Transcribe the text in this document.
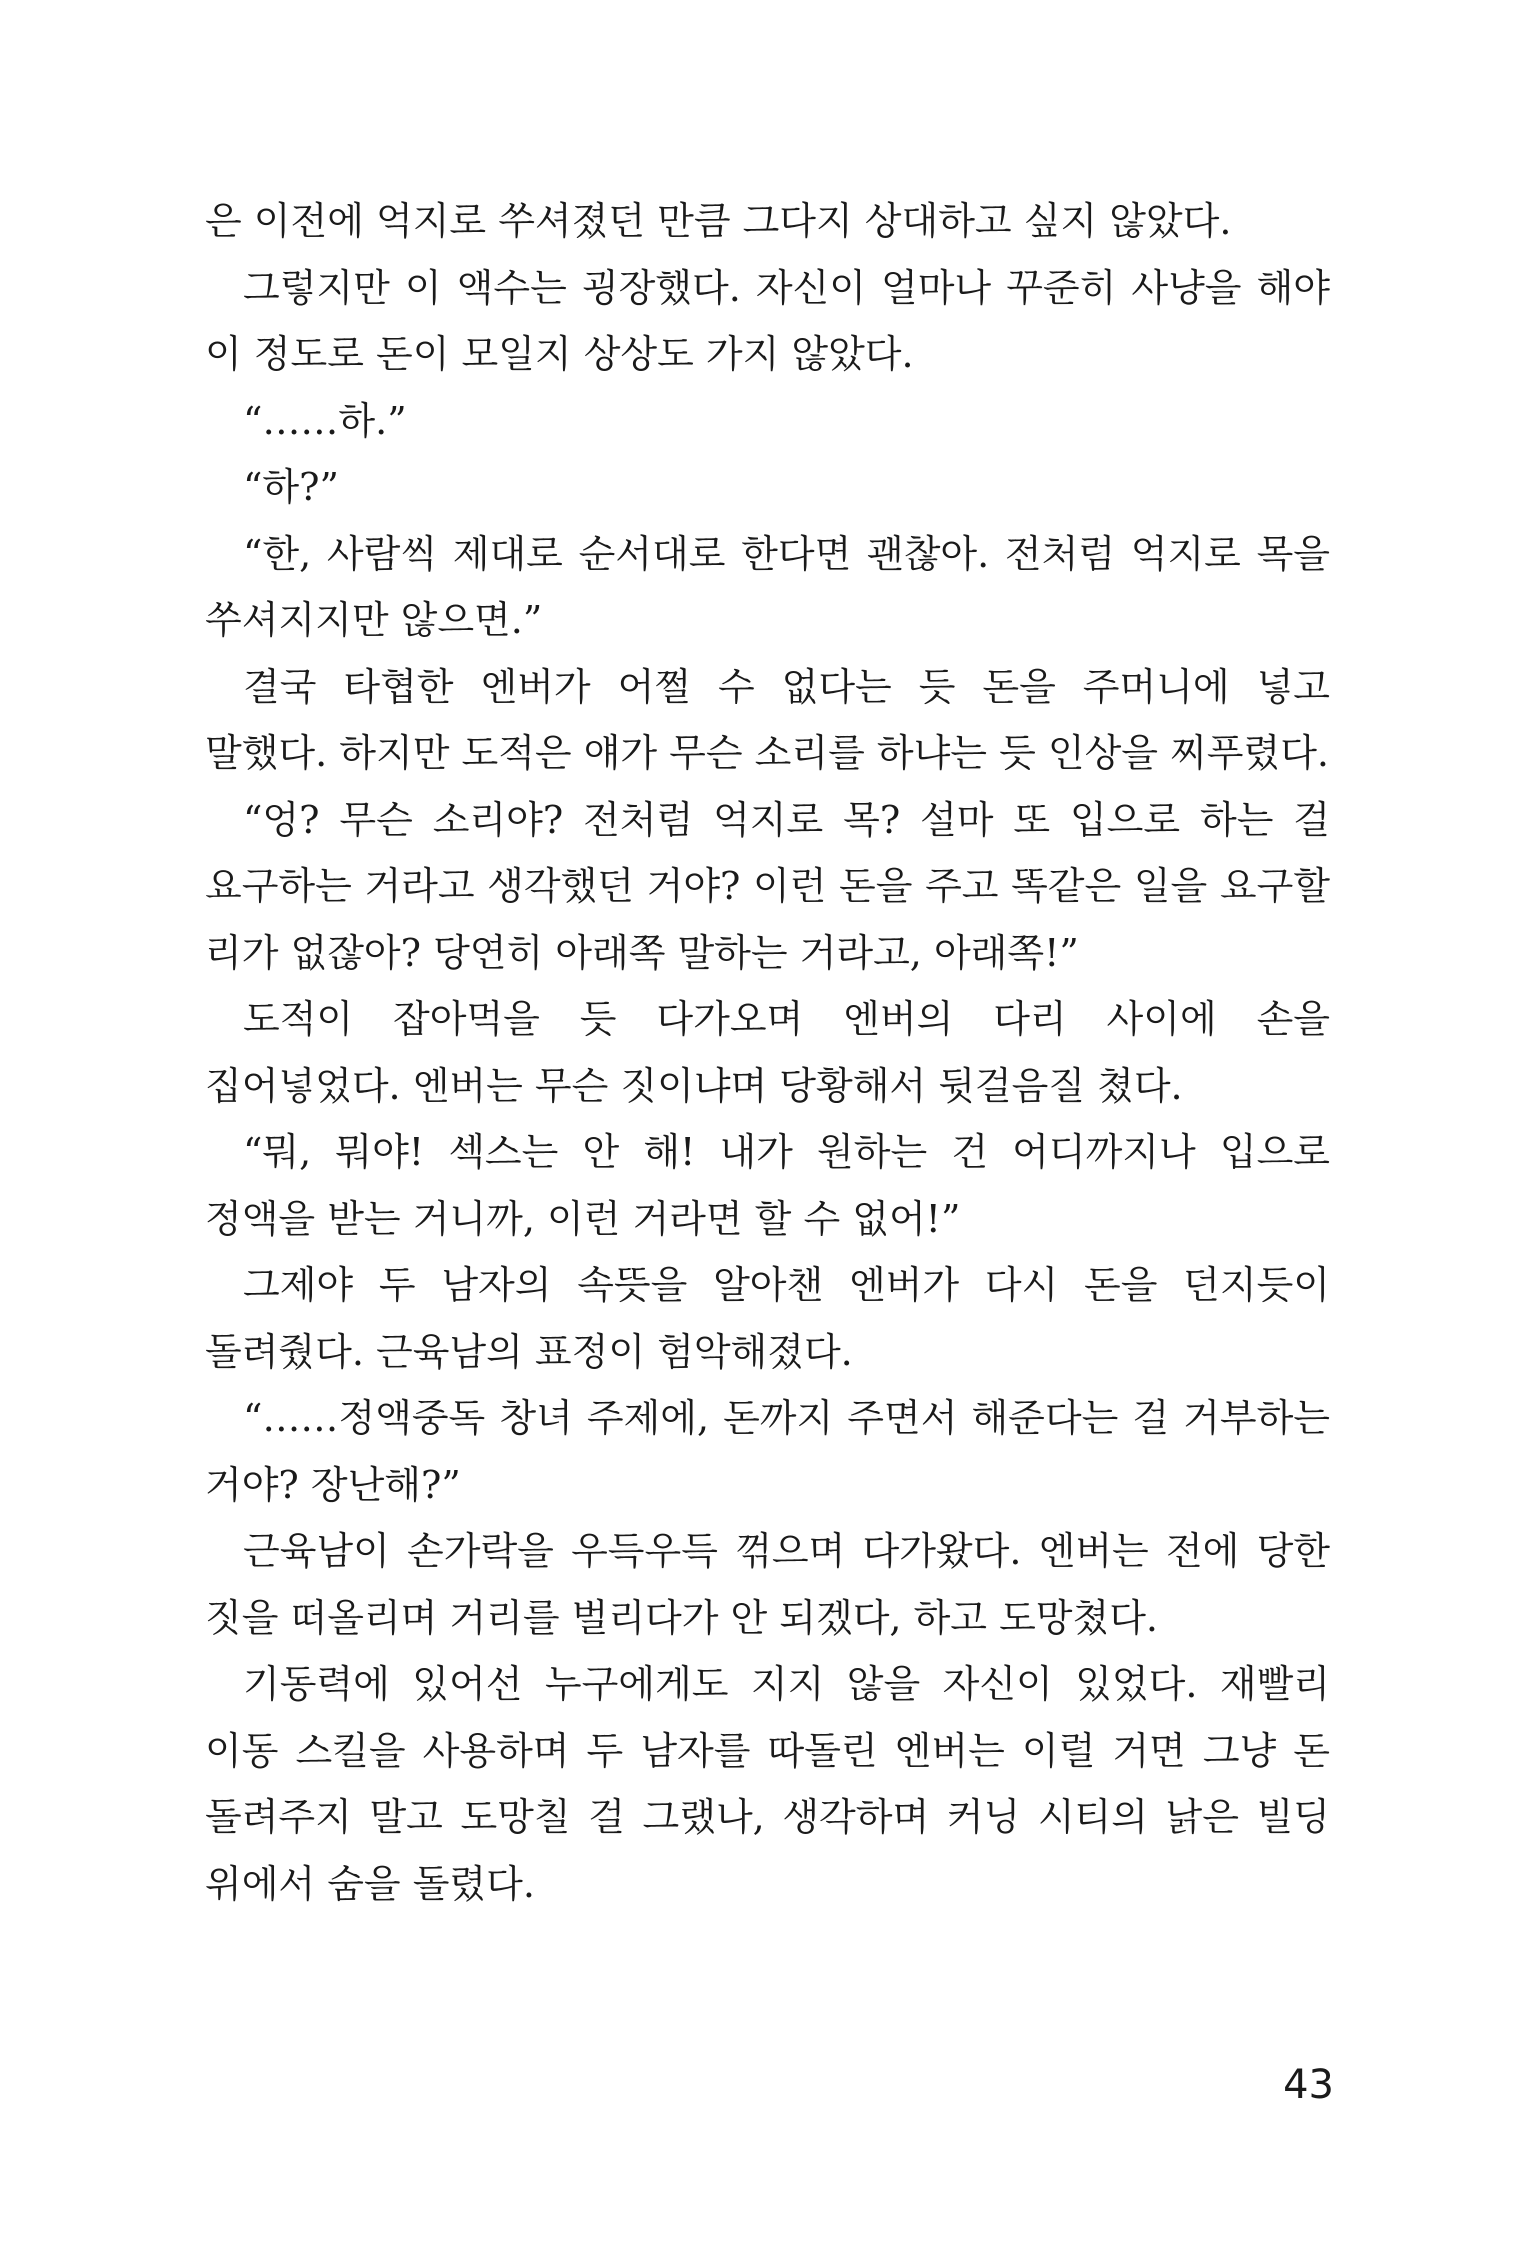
은 이전에 억지로 쑤셔졌던 만큼 그다지 상대하고 싶지 않았다.

그렇지만 이 액수는 굉장했다. 자신이 얼마나 꾸준히 사냥을 해야 이 정도로 돈이 모일지 상상도 가지 않았다.

“……하.”

“하?”

“한, 사람씩 제대로 순서대로 한다면 괜찮아. 전처럼 억지로 목을 쑤셔지지만 않으면.”

결국 타협한 엔버가 어쩔 수 없다는 듯 돈을 주머니에 넣고 말했다. 하지만 도적은 얘가 무슨 소리를 하냐는 듯 인상을 찌푸렸다.

“엉? 무슨 소리야? 전처럼 억지로 목? 설마 또 입으로 하는 걸 요구하는 거라고 생각했던 거야? 이런 돈을 주고 똑같은 일을 요구할 리가 없잖아? 당연히 아래쪽 말하는 거라고, 아래쪽!”

도적이 잡아먹을 듯 다가오며 엔버의 다리 사이에 손을 집어넣었다. 엔버는 무슨 짓이냐며 당황해서 뒷걸음질 쳤다.

“뭐, 뭐야! 섹스는 안 해! 내가 원하는 건 어디까지나 입으로 정액을 받는 거니까, 이런 거라면 할 수 없어!”

그제야 두 남자의 속뜻을 알아챈 엔버가 다시 돈을 던지듯이 돌려줬다. 근육남의 표정이 험악해졌다.

“……정액중독 창녀 주제에, 돈까지 주면서 해준다는 걸 거부하는 거야? 장난해?”

근육남이 손가락을 우득우득 꺾으며 다가왔다. 엔버는 전에 당한 짓을 떠올리며 거리를 벌리다가 안 되겠다, 하고 도망쳤다.

기동력에 있어선 누구에게도 지지 않을 자신이 있었다. 재빨리 이동 스킬을 사용하며 두 남자를 따돌린 엔버는 이럴 거면 그냥 돈 돌려주지 말고 도망칠 걸 그랬나, 생각하며 커닝 시티의 낡은 빌딩 위에서 숨을 돌렸다.

43
